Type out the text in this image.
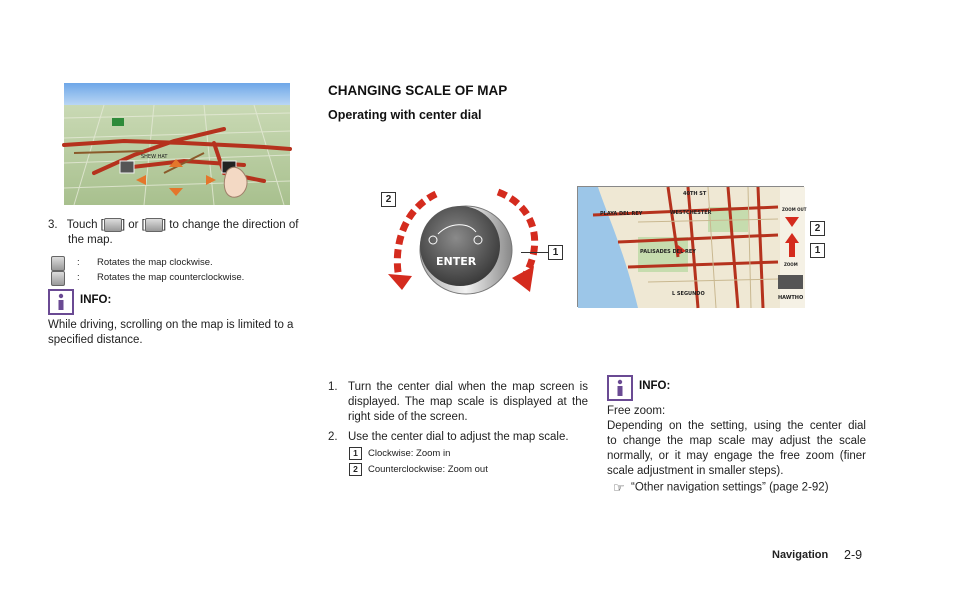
SHEW HAT
3. Touch [ ] or [ ] to change the direction of
the map.
: Rotates the map clockwise.
: Rotates the map counterclockwise.
INFO:
While driving, scrolling on the map is limited to a
specified distance.
CHANGING SCALE OF MAP
Operating with center dial
ENTER
2
1
PLAYA DEL REY	WESTCHESTER
PALISADES DEL REY
L SEGUNDO
HAWTHO
40TH ST
ZOOM OUT
ZOOM
2
1
1. Turn the center dial when the map screen is
displayed. The map scale is displayed at the
right side of the screen.
2. Use the center dial to adjust the map scale.
1 Clockwise: Zoom in
2 Counterclockwise: Zoom out
INFO:
Free zoom:
Depending on the setting, using the center dial
to change the map scale may adjust the scale
normally, or it may engage the free zoom (finer
scale adjustment in smaller steps).
☞ “Other navigation settings” (page 2-92)
Navigation 2-9
